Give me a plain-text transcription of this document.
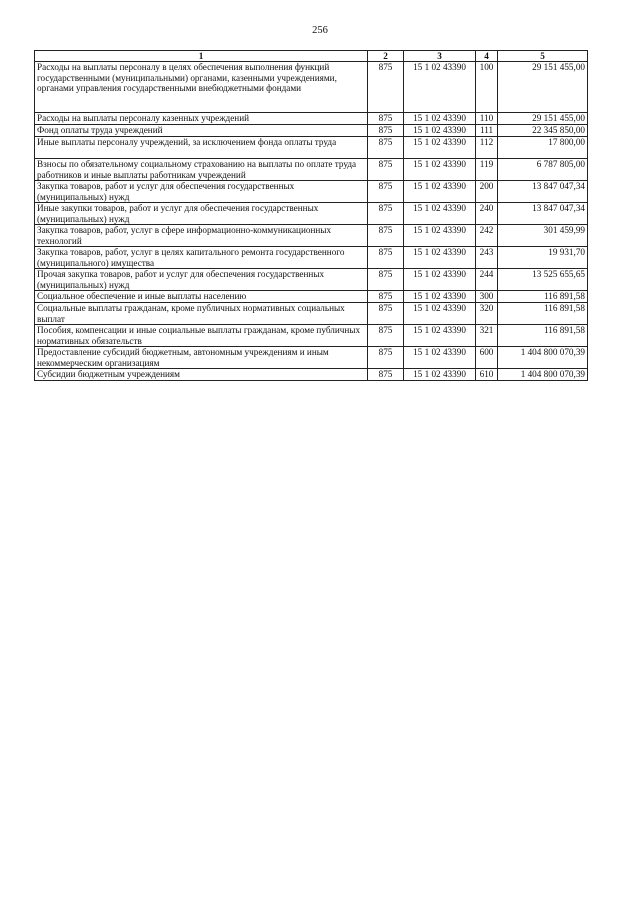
256
1	2	3	4	5
Расходы на выплаты персоналу в целях обеспечения выполнения функций государственными (муниципальными) органами, казенными учреждениями, органами управления государственными внебюджетными фондами	875	15 1 02 43390	100	29 151 455,00
Расходы на выплаты персоналу казенных учреждений	875	15 1 02 43390	110	29 151 455,00
Фонд оплаты труда учреждений	875	15 1 02 43390	111	22 345 850,00
Иные выплаты персоналу учреждений, за исключением фонда оплаты труда	875	15 1 02 43390	112	17 800,00
Взносы по обязательному социальному страхованию на выплаты по оплате труда работников и иные выплаты работникам учреждений	875	15 1 02 43390	119	6 787 805,00
Закупка товаров, работ и услуг для обеспечения государственных (муниципальных) нужд	875	15 1 02 43390	200	13 847 047,34
Иные закупки товаров, работ и услуг для обеспечения государственных (муниципальных) нужд	875	15 1 02 43390	240	13 847 047,34
Закупка товаров, работ, услуг в сфере информационно-коммуникационных технологий	875	15 1 02 43390	242	301 459,99
Закупка товаров, работ, услуг в целях капитального ремонта государственного (муниципального) имущества	875	15 1 02 43390	243	19 931,70
Прочая закупка товаров, работ и услуг для обеспечения государственных (муниципальных) нужд	875	15 1 02 43390	244	13 525 655,65
Социальное обеспечение и иные выплаты населению	875	15 1 02 43390	300	116 891,58
Социальные выплаты гражданам, кроме публичных нормативных социальных выплат	875	15 1 02 43390	320	116 891,58
Пособия, компенсации и иные социальные выплаты гражданам, кроме публичных нормативных обязательств	875	15 1 02 43390	321	116 891,58
Предоставление субсидий бюджетным, автономным учреждениям и иным некоммерческим организациям	875	15 1 02 43390	600	1 404 800 070,39
Субсидии бюджетным учреждениям	875	15 1 02 43390	610	1 404 800 070,39
